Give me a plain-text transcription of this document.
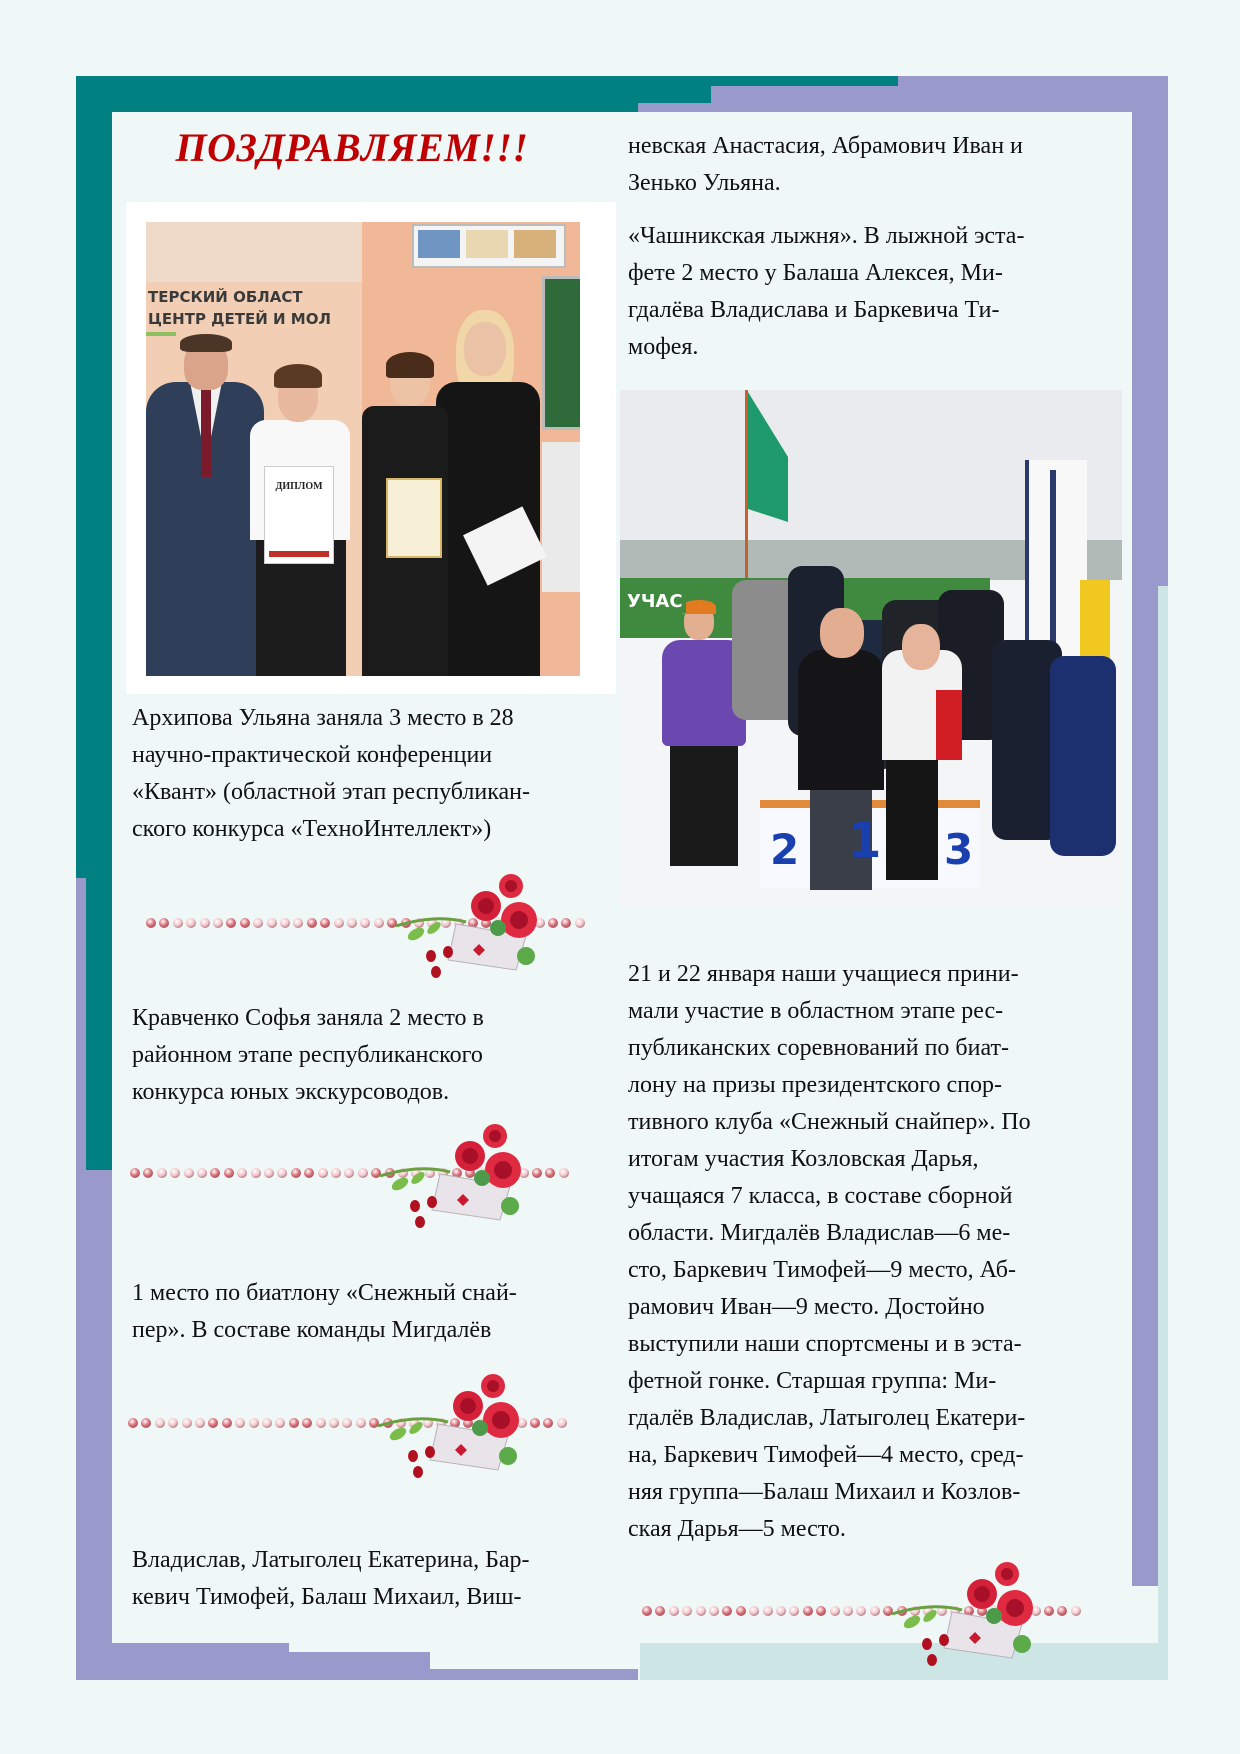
ПОЗДРАВЛЯЕМ!!!
ДИПЛОМ
ТЕРСКИЙ ОБЛАСТ
ЦЕНТР ДЕТЕЙ И МОЛ

Архипова Ульяна заняла 3 место в 28

научно-практической конференции

«Квант» (областной этап республикан-

ского конкурса «ТехноИнтеллект»)

Кравченко Софья заняла 2 место в

районном этапе республиканского

конкурса юных экскурсоводов.

1 место по биатлону «Снежный снай-

пер». В составе команды Мигдалёв

Владислав, Латыголец Екатерина, Бар-

кевич Тимофей, Балаш Михаил, Виш-

невская Анастасия, Абрамович Иван и

Зенько Ульяна.

«Чашникская лыжня». В лыжной эста-

фете 2 место у Балаша Алексея, Ми-

гдалёва Владислава и Баркевича Ти-

мофея.

УЧАС
2 1 3

21 и 22 января наши учащиеся прини-

мали участие в областном этапе рес-

публиканских соревнований по биат-

лону на призы президентского спор-

тивного клуба «Снежный снайпер». По

итогам участия Козловская Дарья,

учащаяся 7 класса, в составе сборной

области. Мигдалёв Владислав—6 ме-

сто, Баркевич Тимофей—9 место, Аб-

рамович Иван—9 место. Достойно

выступили наши спортсмены и в эста-

фетной гонке. Старшая группа: Ми-

гдалёв Владислав, Латыголец Екатери-

на, Баркевич Тимофей—4 место, сред-

няя группа—Балаш Михаил и Козлов-

ская Дарья—5 место.
